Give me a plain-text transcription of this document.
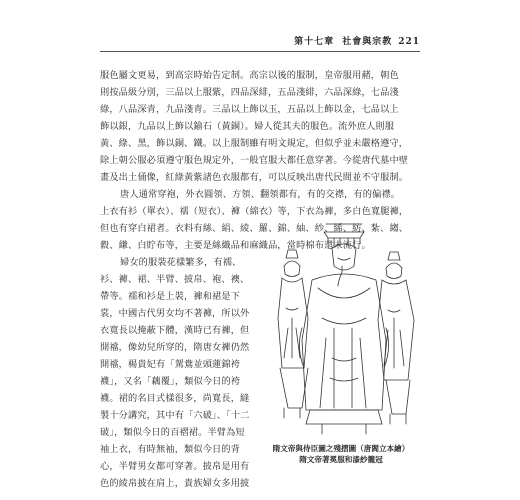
第十七章 社會與宗教 221
服色屬文更易，到高宗時始告定制。高宗以後的服制，皇帝服用赭，朝色
則按品級分別，三品以上服紫，四品深緋，五品淺緋，六品深綠，七品淺
綠，八品深青，九品淺青。三品以上飾以玉，五品以上飾以金，七品以上
飾以銀，九品以上飾以鍮石（黃銅）。婦人從其夫的服色。流外庶人則服
黃、綠、黑，飾以銅、鐵。以上服制雖有明文規定，但似乎並未嚴格遵守，
除上朝公服必須遵守服色規定外，一般官服大都任意穿著。今從唐代墓中壁
畫及出土俑像，紅綠黃紫諸色衣服都有，可以反映出唐代民間並不守服制。
唐人通常穿袍，外衣圓領、方領、翻領都有，有的交襟，有的偏襟。
上衣有衫（單衣）、襦（短衣）、褲（綿衣）等，下衣為褲，多白色寬腿褲，
但也有穿白裙者。衣料有絲、絹、綾、羅、錦、紬、紗、絺、紡、紮、縐、
縠、縑、白貯布等，主要是絲織品和麻織品，當時棉布還未流行。
婦女的服裝花樣繁多，有襦、
衫、褲、裙、半臂、披帛、袍、襖、
帶等。襦和衫是上裝，褲和裙是下
裳，中國古代男女均不著褲，所以外
衣寬長以掩蔽下體，漢時已有褲，但
開襠，像幼兒所穿的，隋唐女褲仍然
開襠，楊貴妃有「駕鴦並頭蓮錦袴
襪」，又名「藕覆」，類似今日的袴
襪。裙的名目式樣很多，尚寬長，縫
製十分講究，其中有「六破」、「十二
破」，類似今日的百褶裙。半臂為短
袖上衣，有時無袖，類似今日的背
心，半臂男女都可穿著。披帛是用有
色的綾帛披在肩上，貴族婦女多用披
隋文帝與侍臣圖之殘摺圖（唐閻立本繪）
隋文帝著冕服和漆紗籠冠
